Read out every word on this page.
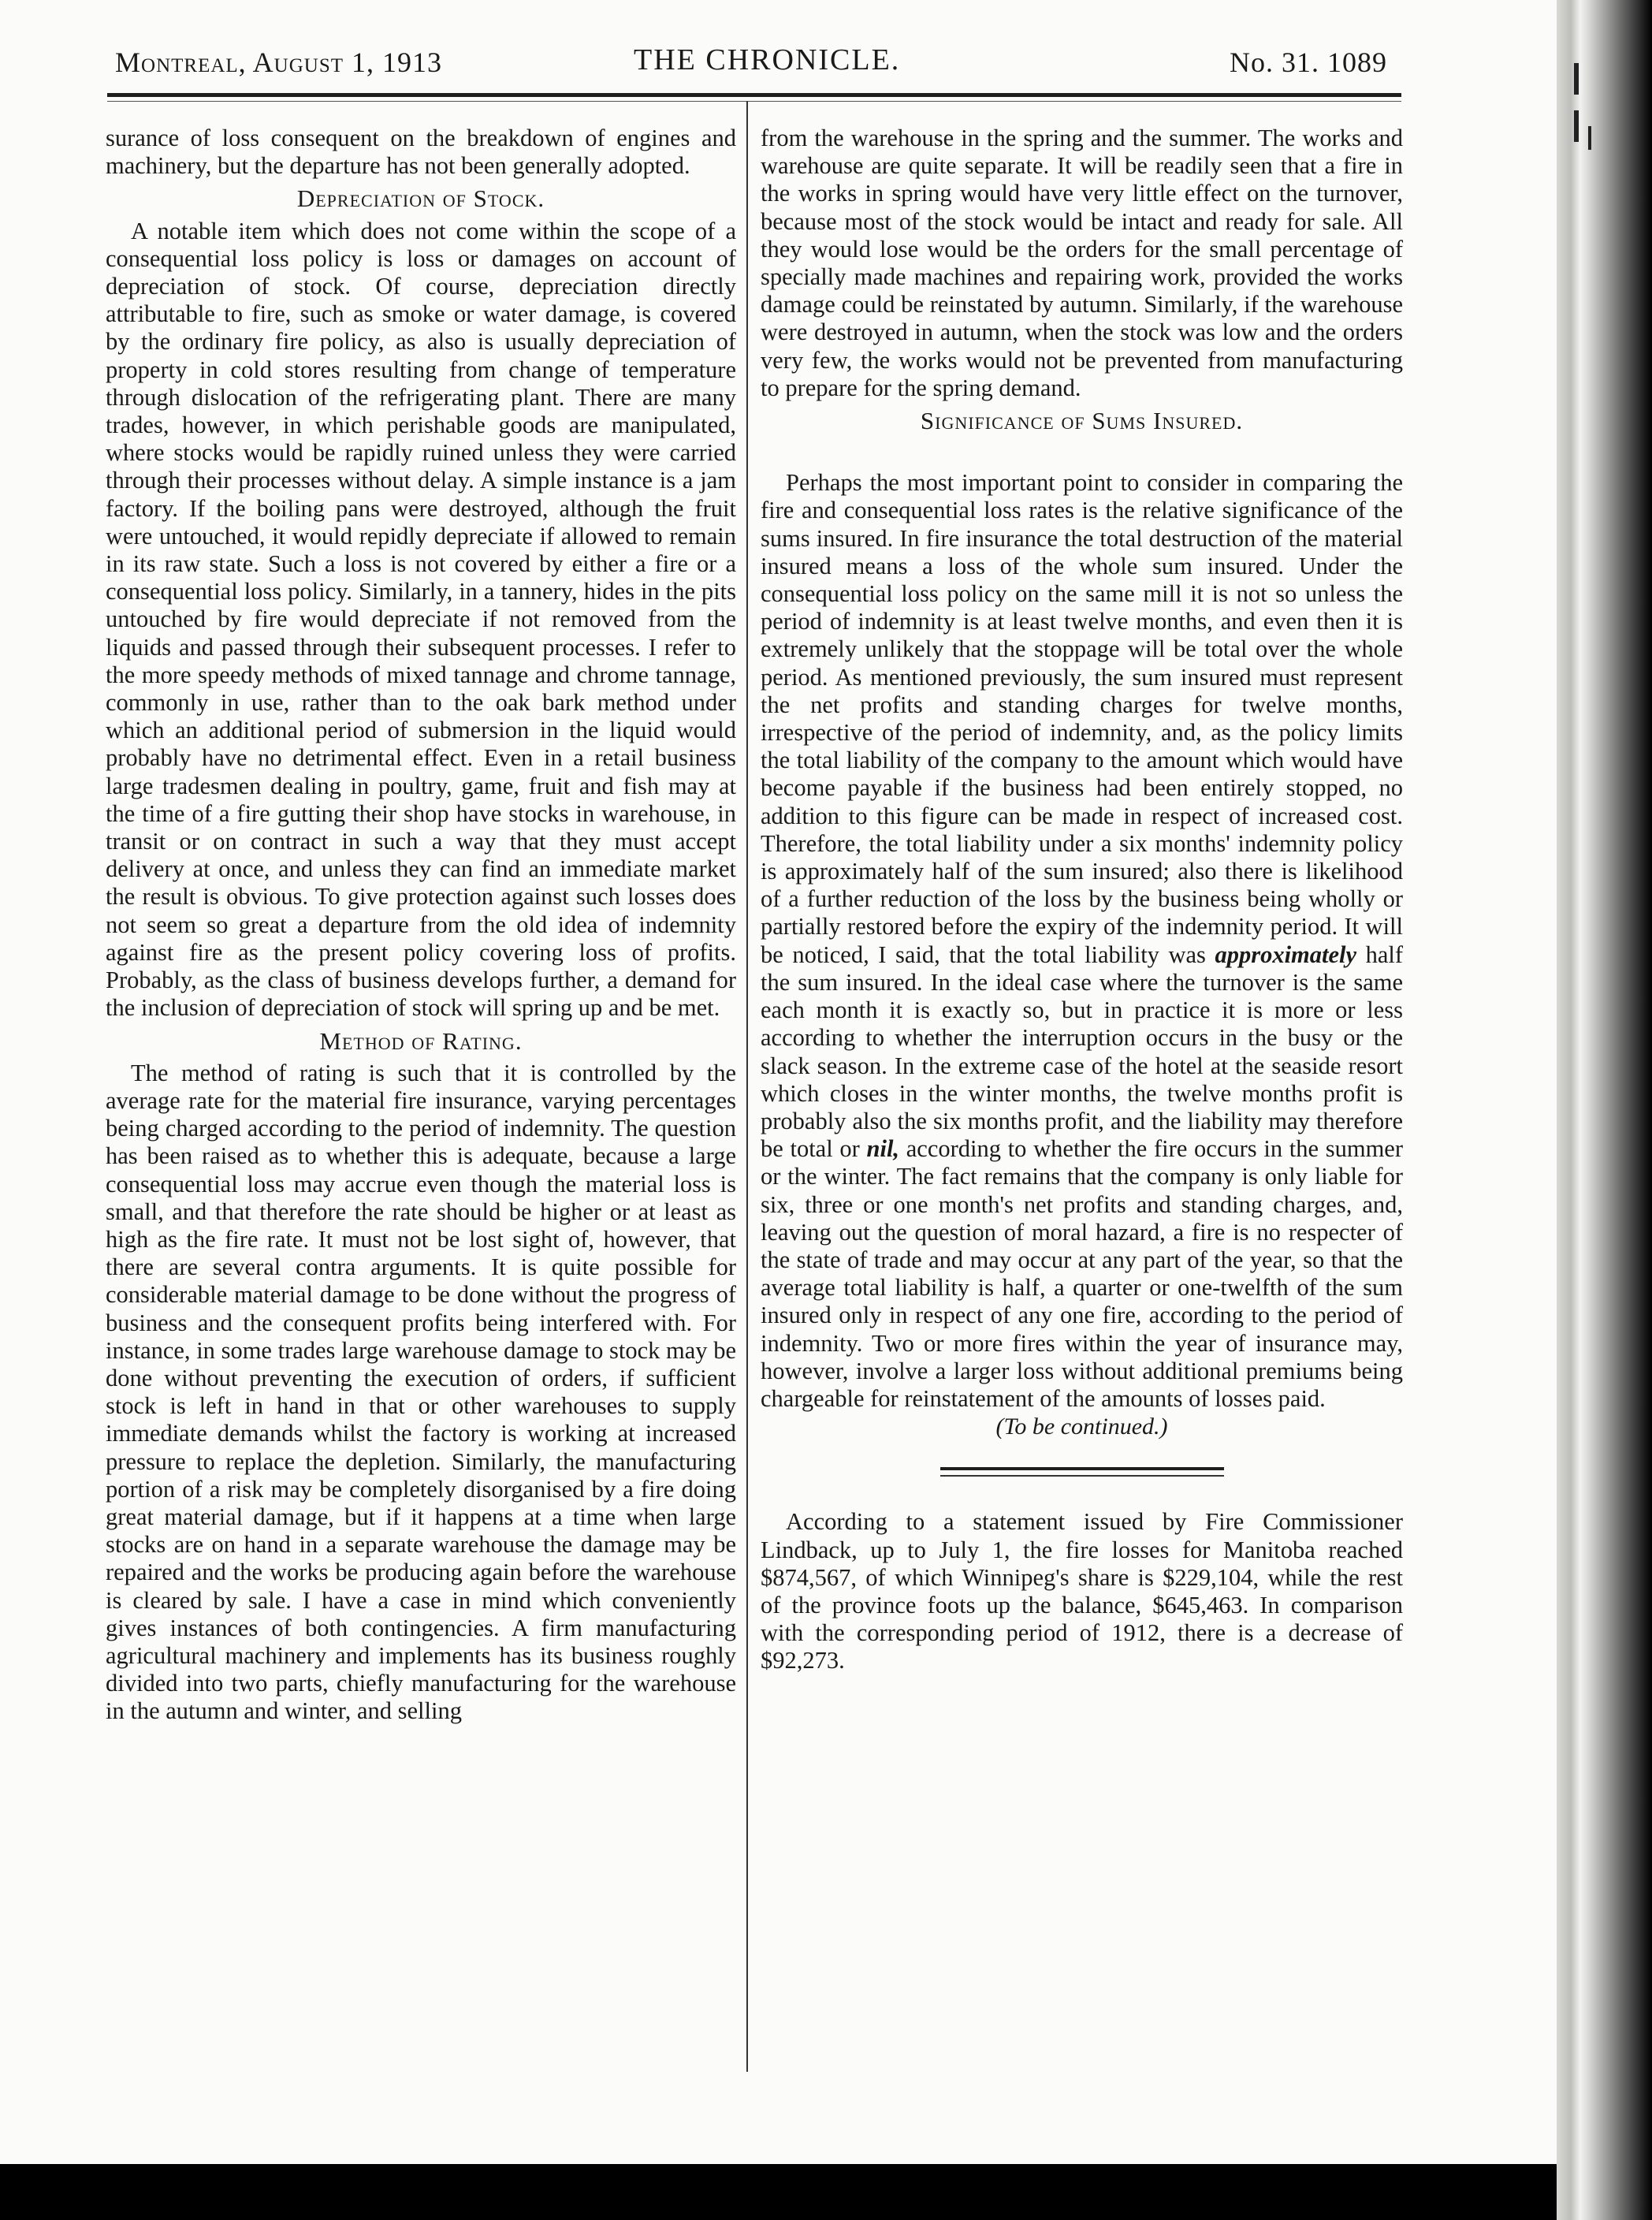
Montreal, August 1, 1913	THE CHRONICLE.	No. 31. 1089

surance of loss consequent on the breakdown of engines and machinery, but the departure has not been generally adopted.

Depreciation of Stock.

A notable item which does not come within the scope of a consequential loss policy is loss or damages on account of depreciation of stock. Of course, depreciation directly attributable to fire, such as smoke or water damage, is covered by the ordinary fire policy, as also is usually depreciation of property in cold stores resulting from change of temperature through dislocation of the refrigerating plant. There are many trades, however, in which perishable goods are manipulated, where stocks would be rapidly ruined unless they were carried through their processes without delay. A simple instance is a jam factory. If the boiling pans were destroyed, although the fruit were untouched, it would repidly depreciate if allowed to remain in its raw state. Such a loss is not covered by either a fire or a consequential loss policy. Similarly, in a tannery, hides in the pits untouched by fire would depreciate if not removed from the liquids and passed through their subsequent processes. I refer to the more speedy methods of mixed tannage and chrome tannage, commonly in use, rather than to the oak bark method under which an additional period of submersion in the liquid would probably have no detrimental effect. Even in a retail business large tradesmen dealing in poultry, game, fruit and fish may at the time of a fire gutting their shop have stocks in warehouse, in transit or on contract in such a way that they must accept delivery at once, and unless they can find an immediate market the result is obvious. To give protection against such losses does not seem so great a departure from the old idea of indemnity against fire as the present policy covering loss of profits. Probably, as the class of business develops further, a demand for the inclusion of depreciation of stock will spring up and be met.

Method of Rating.

The method of rating is such that it is controlled by the average rate for the material fire insurance, varying percentages being charged according to the period of indemnity. The question has been raised as to whether this is adequate, because a large consequential loss may accrue even though the material loss is small, and that therefore the rate should be higher or at least as high as the fire rate. It must not be lost sight of, however, that there are several contra arguments. It is quite possible for considerable material damage to be done without the progress of business and the consequent profits being interfered with. For instance, in some trades large warehouse damage to stock may be done without preventing the execution of orders, if sufficient stock is left in hand in that or other warehouses to supply immediate demands whilst the factory is working at increased pressure to replace the depletion. Similarly, the manufacturing portion of a risk may be completely disorganised by a fire doing great material damage, but if it happens at a time when large stocks are on hand in a separate warehouse the damage may be repaired and the works be producing again before the warehouse is cleared by sale. I have a case in mind which conveniently gives instances of both contingencies. A firm manufacturing agricultural machinery and implements has its business roughly divided into two parts, chiefly manufacturing for the warehouse in the autumn and winter, and selling

from the warehouse in the spring and the summer. The works and warehouse are quite separate. It will be readily seen that a fire in the works in spring would have very little effect on the turnover, because most of the stock would be intact and ready for sale. All they would lose would be the orders for the small percentage of specially made machines and repairing work, provided the works damage could be reinstated by autumn. Similarly, if the warehouse were destroyed in autumn, when the stock was low and the orders very few, the works would not be prevented from manufacturing to prepare for the spring demand.

Significance of Sums Insured.

Perhaps the most important point to consider in comparing the fire and consequential loss rates is the relative significance of the sums insured. In fire insurance the total destruction of the material insured means a loss of the whole sum insured. Under the consequential loss policy on the same mill it is not so unless the period of indemnity is at least twelve months, and even then it is extremely unlikely that the stoppage will be total over the whole period. As mentioned previously, the sum insured must represent the net profits and standing charges for twelve months, irrespective of the period of indemnity, and, as the policy limits the total liability of the company to the amount which would have become payable if the business had been entirely stopped, no addition to this figure can be made in respect of increased cost. Therefore, the total liability under a six months' indemnity policy is approximately half of the sum insured; also there is likelihood of a further reduction of the loss by the business being wholly or partially restored before the expiry of the indemnity period. It will be noticed, I said, that the total liability was approximately half the sum insured. In the ideal case where the turnover is the same each month it is exactly so, but in practice it is more or less according to whether the interruption occurs in the busy or the slack season. In the extreme case of the hotel at the seaside resort which closes in the winter months, the twelve months profit is probably also the six months profit, and the liability may therefore be total or nil, according to whether the fire occurs in the summer or the winter. The fact remains that the company is only liable for six, three or one month's net profits and standing charges, and, leaving out the question of moral hazard, a fire is no respecter of the state of trade and may occur at any part of the year, so that the average total liability is half, a quarter or one-twelfth of the sum insured only in respect of any one fire, according to the period of indemnity. Two or more fires within the year of insurance may, however, involve a larger loss without additional premiums being chargeable for reinstatement of the amounts of losses paid.

(To be continued.)

According to a statement issued by Fire Commissioner Lindback, up to July 1, the fire losses for Manitoba reached $874,567, of which Winnipeg's share is $229,104, while the rest of the province foots up the balance, $645,463. In comparison with the corresponding period of 1912, there is a decrease of $92,273.
